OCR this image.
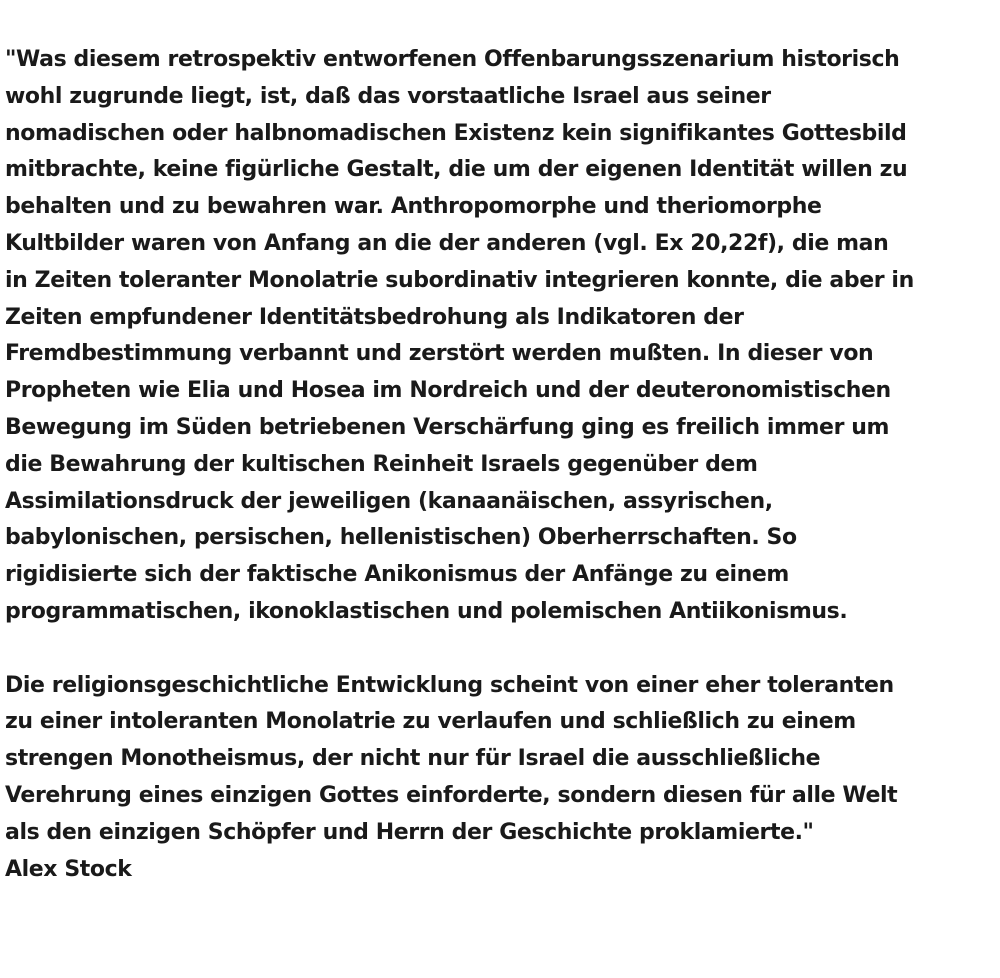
"Was diesem retrospektiv entworfenen Offenbarungsszenarium historisch
wohl zugrunde liegt, ist, daß das vorstaatliche Israel aus seiner
nomadischen oder halbnomadischen Existenz kein signifikantes Gottesbild
mitbrachte, keine figürliche Gestalt, die um der eigenen Identität willen zu
behalten und zu bewahren war. Anthropomorphe und theriomorphe
Kultbilder waren von Anfang an die der anderen (vgl. Ex 20,22f), die man
in Zeiten toleranter Monolatrie subordinativ integrieren konnte, die aber in
Zeiten empfundener Identitätsbedrohung als Indikatoren der
Fremdbestimmung verbannt und zerstört werden mußten. In dieser von
Propheten wie Elia und Hosea im Nordreich und der deuteronomistischen
Bewegung im Süden betriebenen Verschärfung ging es freilich immer um
die Bewahrung der kultischen Reinheit Israels gegenüber dem
Assimilationsdruck der jeweiligen (kanaanäischen, assyrischen,
babylonischen, persischen, hellenistischen) Oberherrschaften. So
rigidisierte sich der faktische Anikonismus der Anfänge zu einem
programmatischen, ikonoklastischen und polemischen Antiikonismus.
Die religionsgeschichtliche Entwicklung scheint von einer eher toleranten
zu einer intoleranten Monolatrie zu verlaufen und schließlich zu einem
strengen Monotheismus, der nicht nur für Israel die ausschließliche
Verehrung eines einzigen Gottes einforderte, sondern diesen für alle Welt
als den einzigen Schöpfer und Herrn der Geschichte proklamierte."
Alex Stock
